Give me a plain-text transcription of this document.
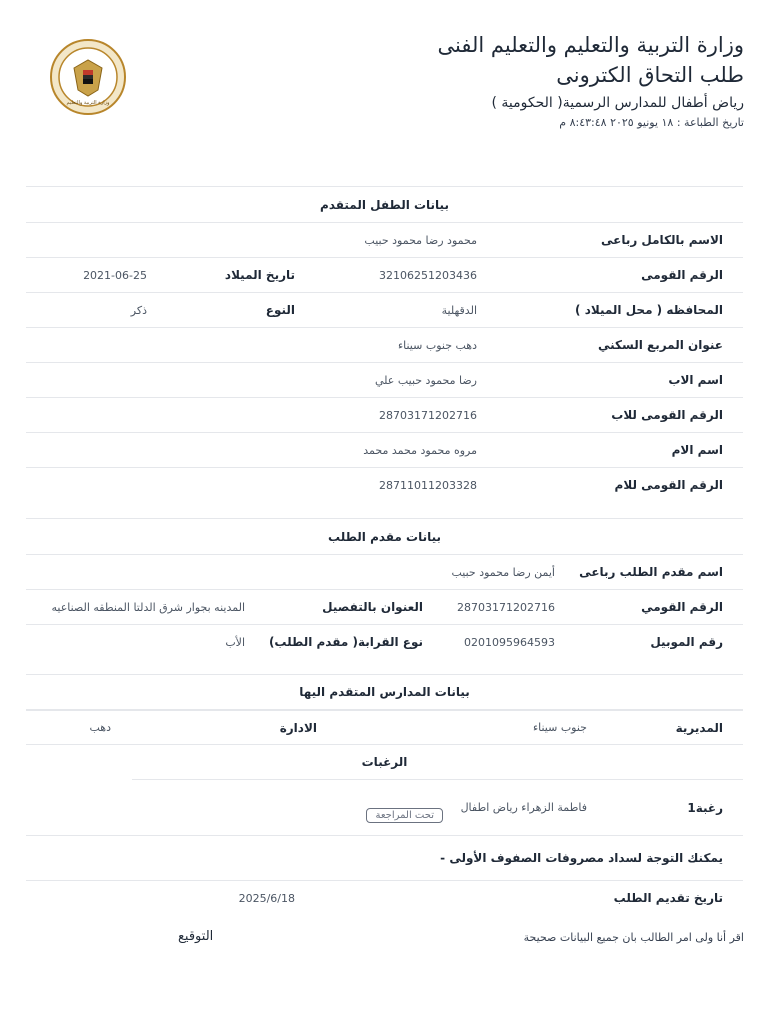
وزارة التربية والتعليم
وزارة التربية والتعليم والتعليم الفنى
طلب التحاق الكترونى
رياض أطفال للمدارس الرسمية( الحكومية )
تاريخ الطباعة : ١٨ يونيو ٢٠٢٥ ٨:٤٣:٤٨ م
بيانات الطفل المتقدم
الاسم بالكامل رباعى
محمود رضا محمود حبيب
الرقم القومى
32106251203436
تاريخ الميلاد
2021-06-25
المحافظه ( محل الميلاد )
الدقهلية
النوع
ذكر
عنوان المربع السكني
دهب جنوب سيناء
اسم الاب
رضا محمود حبيب علي
الرقم القومى للاب
28703171202716
اسم الام
مروه محمود محمد محمد
الرقم القومى للام
28711011203328
بيانات مقدم الطلب
اسم مقدم الطلب رباعى
أيمن رضا محمود حبيب
الرقم القومي
28703171202716
العنوان بالتفصيل
المدينه بجوار شرق الدلتا المنطقه الصناعيه
رقم الموبيل
0201095964593
نوع القرابة( مقدم الطلب)
الأب
بيانات المدارس المتقدم اليها
المديرية
جنوب سيناء
الادارة
دهب
الرغبات
رغبة1
فاطمة الزهراء رياض اطفال
تحت المراجعة
يمكنك التوجة لسداد مصروفات الصفوف الأولى -
تاريخ تقديم الطلب
2025/6/18
اقر أنا ولى امر الطالب بان جميع البيانات صحيحة
التوقيع
